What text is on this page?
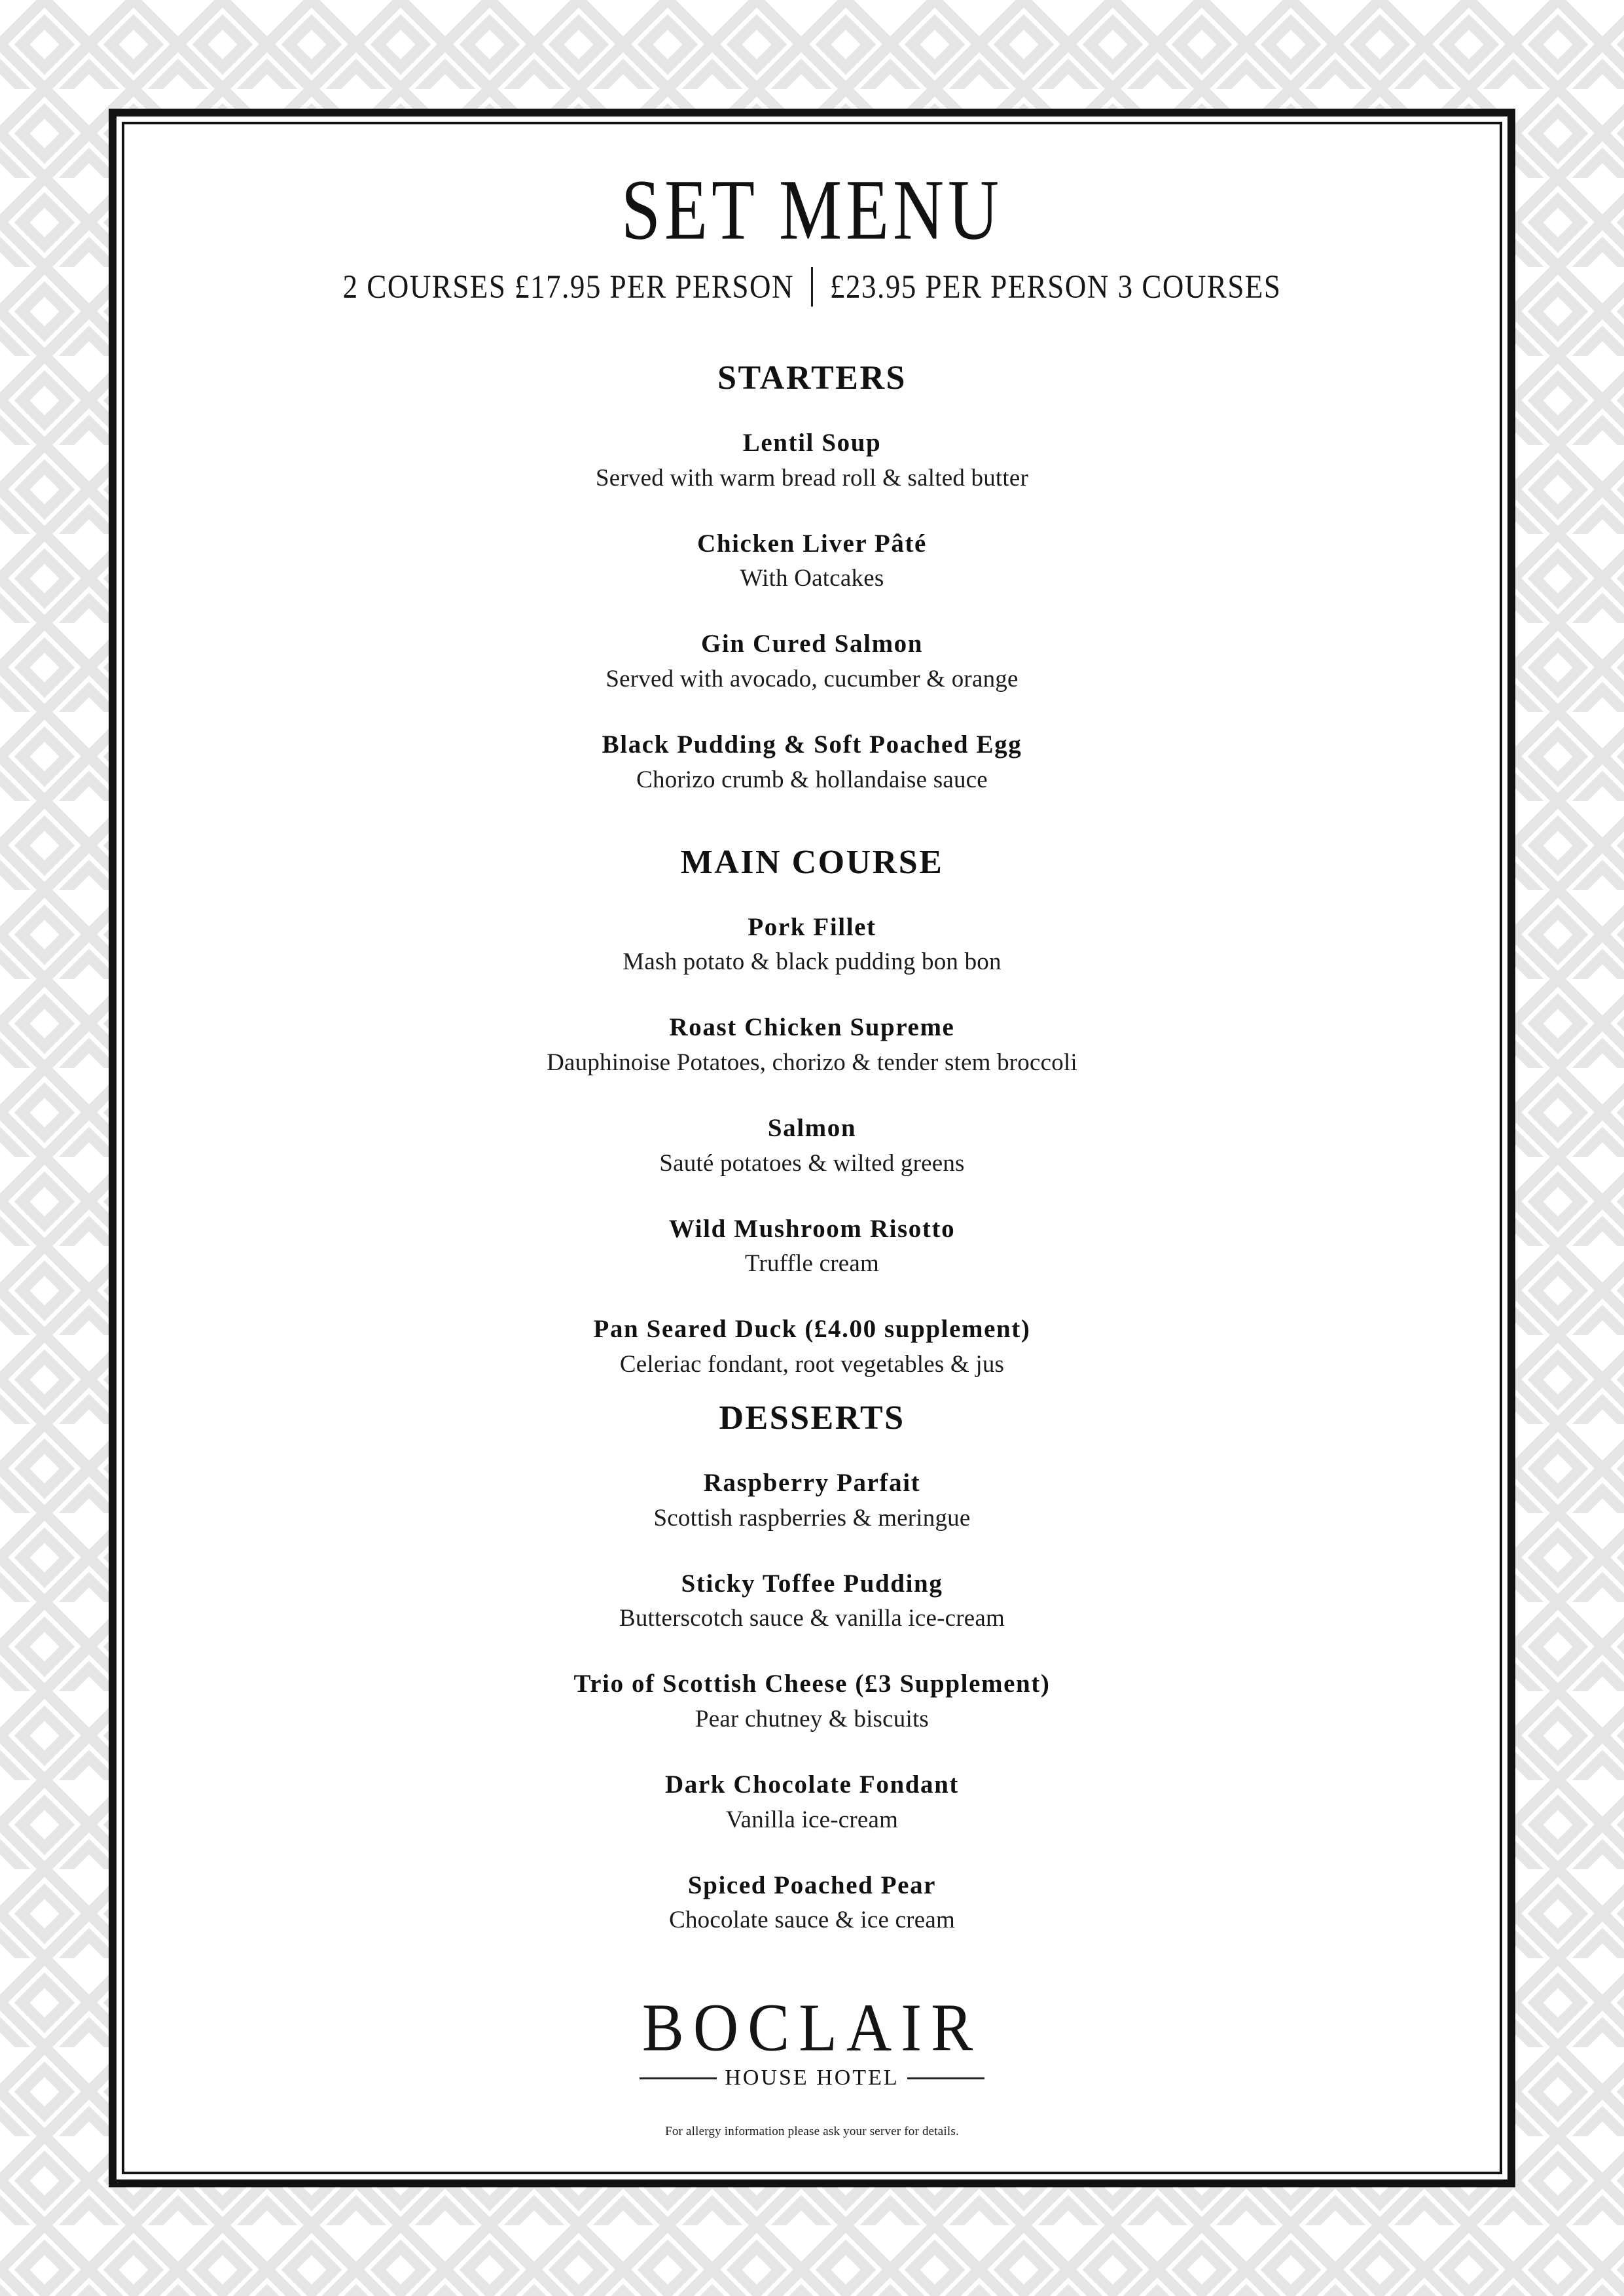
SET MENU
2 COURSES £17.95 PER PERSON £23.95 PER PERSON 3 COURSES
STARTERS
Lentil Soup
Served with warm bread roll & salted butter
Chicken Liver Pâté
With Oatcakes
Gin Cured Salmon
Served with avocado, cucumber & orange
Black Pudding & Soft Poached Egg
Chorizo crumb & hollandaise sauce
MAIN COURSE
Pork Fillet
Mash potato & black pudding bon bon
Roast Chicken Supreme
Dauphinoise Potatoes, chorizo & tender stem broccoli
Salmon
Sauté potatoes & wilted greens
Wild Mushroom Risotto
Truffle cream
Pan Seared Duck (£4.00 supplement)
Celeriac fondant, root vegetables & jus
DESSERTS
Raspberry Parfait
Scottish raspberries & meringue
Sticky Toffee Pudding
Butterscotch sauce & vanilla ice-cream
Trio of Scottish Cheese (£3 Supplement)
Pear chutney & biscuits
Dark Chocolate Fondant
Vanilla ice-cream
Spiced Poached Pear
Chocolate sauce & ice cream
BOCLAIR
HOUSE HOTEL
For allergy information please ask your server for details.
